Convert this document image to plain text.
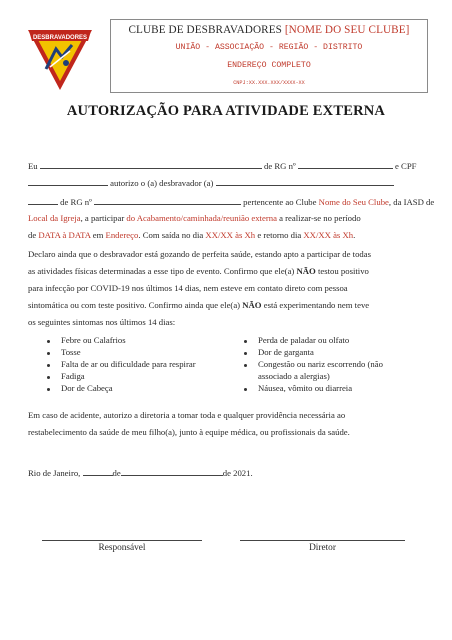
DESBRAVADORES
CLUBE DE DESBRAVADORES [NOME DO SEU CLUBE]
UNIÃO - ASSOCIAÇÃO - REGIÃO - DISTRITO
ENDEREÇO COMPLETO
CNPJ:XX.XXX.XXX/XXXX-XX
AUTORIZAÇÃO PARA ATIVIDADE EXTERNA
Eu	de RG nº	e CPF
autorizo o (a) desbravador (a)
de RG nº	pertencente ao Clube Nome do Seu Clube, da IASD de
Local da Igreja, a participar do Acabamento/caminhada/reunião externa a realizar-se no período
de DATA à DATA em Endereço. Com saída no dia XX/XX às Xh e retorno dia XX/XX às Xh.
Declaro ainda que o desbravador está gozando de perfeita saúde, estando apto a participar de todas
as atividades físicas determinadas a esse tipo de evento. Confirmo que ele(a) NÃO testou positivo
para infecção por COVID-19 nos últimos 14 dias, nem esteve em contato direto com pessoa
sintomática ou com teste positivo. Confirmo ainda que ele(a) NÃO está experimentando nem teve
os seguintes sintomas nos últimos 14 dias:
Febre ou Calafrios
Tosse
Falta de ar ou dificuldade para respirar
Fadiga
Dor de Cabeça
Perda de paladar ou olfato
Dor de garganta
Congestão ou nariz escorrendo (não
associado a alergias)
Náusea, vômito ou diarreia
Em caso de acidente, autorizo a diretoria a tomar toda e qualquer providência necessária ao
restabelecimento da saúde de meu filho(a), junto à equipe médica, ou profissionais da saúde.
Rio de Janeiro,	de	de 2021.
Responsável	Diretor
